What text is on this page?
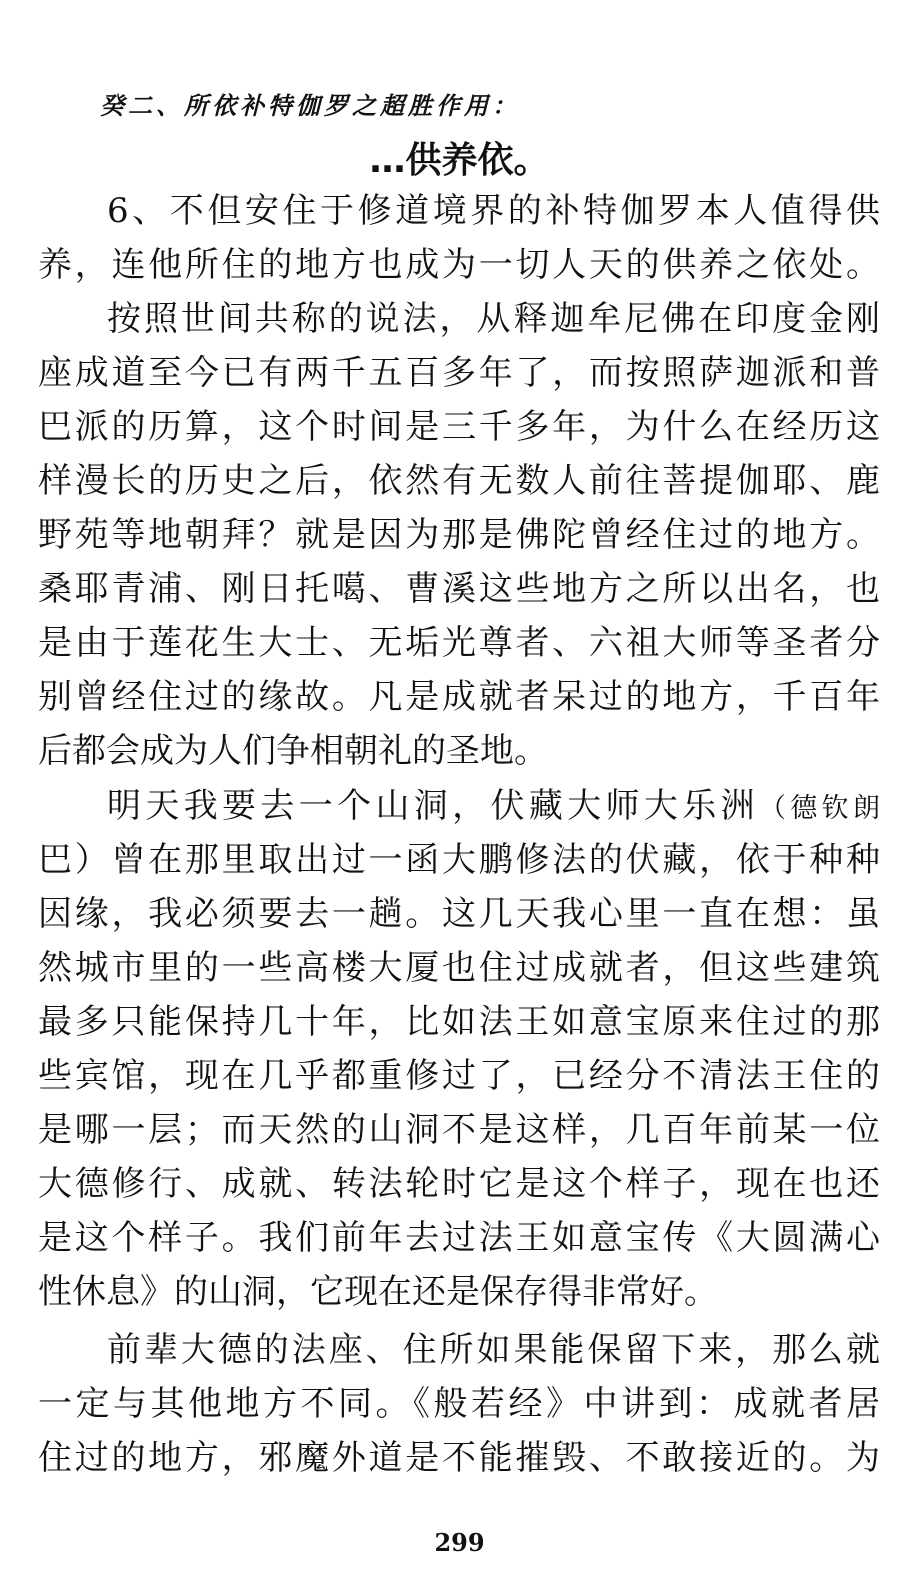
癸二、所依补特伽罗之超胜作用：
…供养依。
6、不但安住于修道境界的补特伽罗本人值得供
养，连他所住的地方也成为一切人天的供养之依处。
按照世间共称的说法，从释迦牟尼佛在印度金刚
座成道至今已有两千五百多年了，而按照萨迦派和普
巴派的历算，这个时间是三千多年，为什么在经历这
样漫长的历史之后，依然有无数人前往菩提伽耶、鹿
野苑等地朝拜？就是因为那是佛陀曾经住过的地方。
桑耶青浦、刚日托噶、曹溪这些地方之所以出名，也
是由于莲花生大士、无垢光尊者、六祖大师等圣者分
别曾经住过的缘故。凡是成就者呆过的地方，千百年
后都会成为人们争相朝礼的圣地。
明天我要去一个山洞，伏藏大师大乐洲（德钦朗
巴）曾在那里取出过一函大鹏修法的伏藏，依于种种
因缘，我必须要去一趟。这几天我心里一直在想：虽
然城市里的一些高楼大厦也住过成就者，但这些建筑
最多只能保持几十年，比如法王如意宝原来住过的那
些宾馆，现在几乎都重修过了，已经分不清法王住的
是哪一层；而天然的山洞不是这样，几百年前某一位
大德修行、成就、转法轮时它是这个样子，现在也还
是这个样子。我们前年去过法王如意宝传《大圆满心
性休息》的山洞，它现在还是保存得非常好。
前辈大德的法座、住所如果能保留下来，那么就
一定与其他地方不同。《般若经》中讲到：成就者居
住过的地方，邪魔外道是不能摧毁、不敢接近的。为
299
